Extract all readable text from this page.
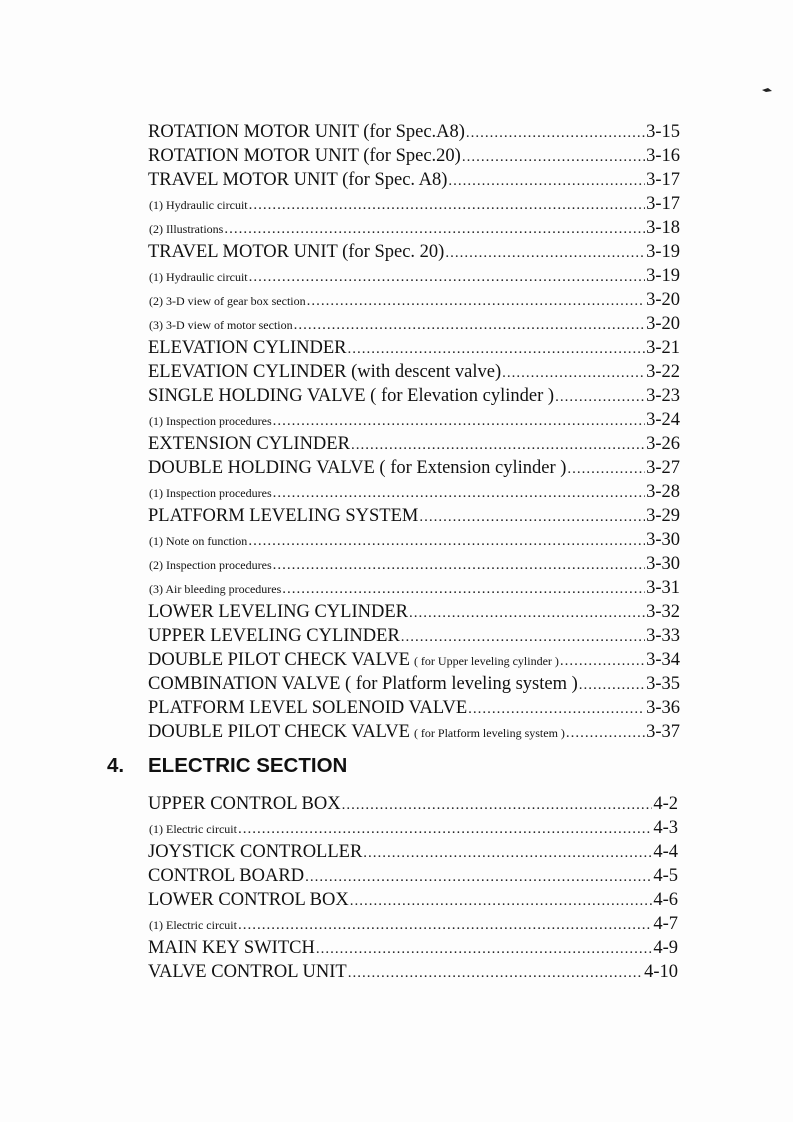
ROTATION MOTOR UNIT (for Spec.A8) .....	3-15
ROTATION MOTOR UNIT (for Spec.20) .....	3-16
TRAVEL MOTOR UNIT (for Spec. A8) .....	3-17
(1) Hydraulic circuit .....	3-17
(2) Illustrations .....	3-18
TRAVEL MOTOR UNIT (for Spec. 20) .....	3-19
(1) Hydraulic circuit .....	3-19
(2) 3-D view of gear box section .....	3-20
(3) 3-D view of motor section .....	3-20
ELEVATION CYLINDER .....	3-21
ELEVATION CYLINDER (with descent valve) .....	3-22
SINGLE HOLDING VALVE ( for Elevation cylinder ) .....	3-23
(1) Inspection procedures .....	3-24
EXTENSION CYLINDER .....	3-26
DOUBLE HOLDING VALVE ( for Extension cylinder ) .....	3-27
(1) Inspection procedures .....	3-28
PLATFORM LEVELING SYSTEM .....	3-29
(1) Note on function .....	3-30
(2) Inspection procedures .....	3-30
(3) Air bleeding procedures .....	3-31
LOWER LEVELING CYLINDER .....	3-32
UPPER LEVELING CYLINDER .....	3-33
DOUBLE PILOT CHECK VALVE ( for Upper leveling cylinder ) .....	3-34
COMBINATION VALVE ( for Platform leveling system ) .....	3-35
PLATFORM LEVEL SOLENOID VALVE .....	3-36
DOUBLE PILOT CHECK VALVE ( for Platform leveling system ) .....	3-37
4. ELECTRIC SECTION
UPPER CONTROL BOX .....	4-2
(1) Electric circuit .....	4-3
JOYSTICK CONTROLLER .....	4-4
CONTROL BOARD .....	4-5
LOWER CONTROL BOX .....	4-6
(1) Electric circuit .....	4-7
MAIN KEY SWITCH .....	4-9
VALVE CONTROL UNIT .....	4-10
